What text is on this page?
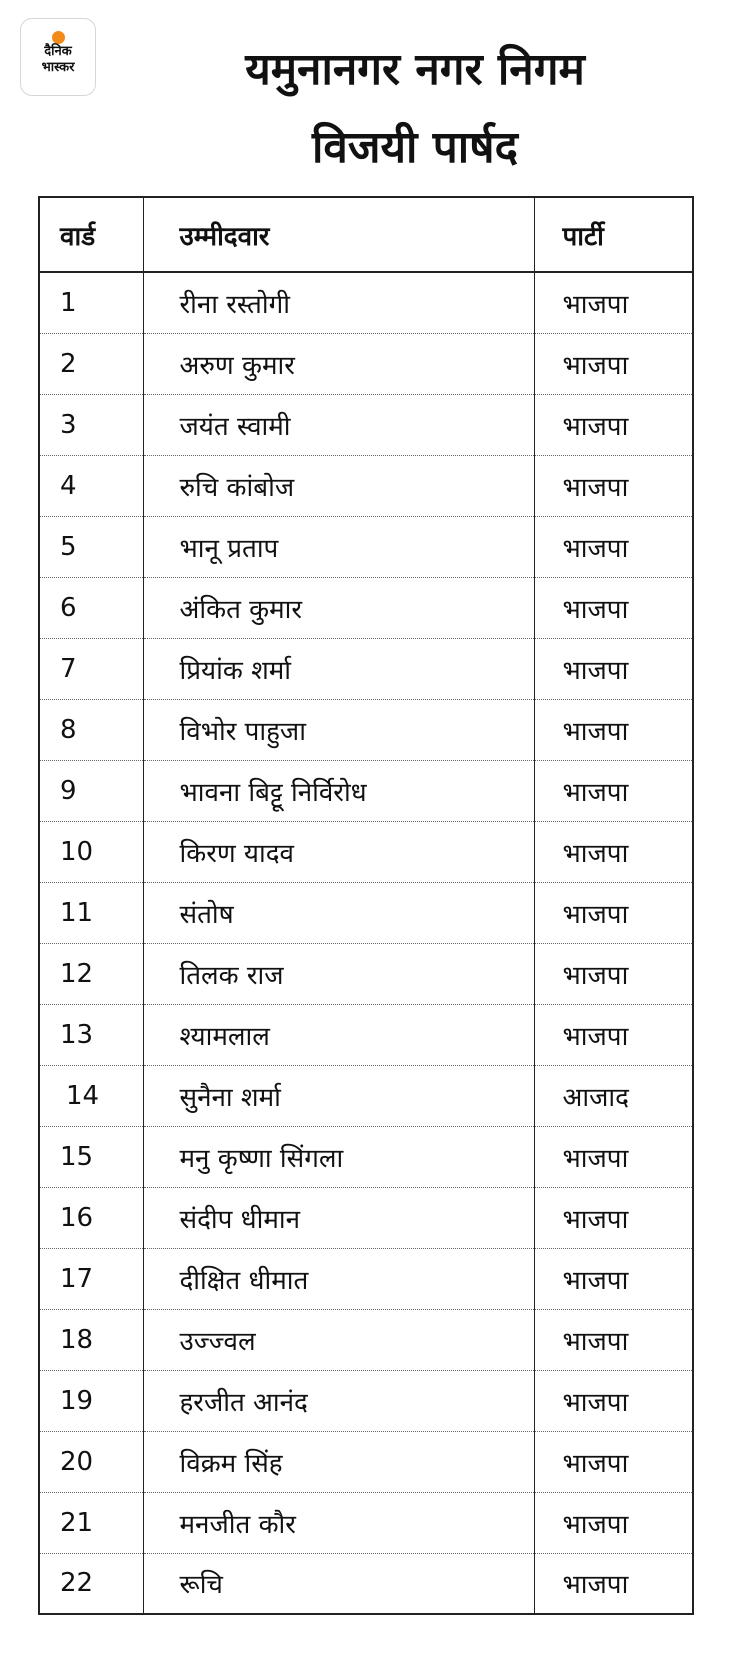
दैनिक
भास्कर	यमुनानगर नगर निगम
विजयी पार्षद
वार्ड	उम्मीदवार	पार्टी
1	रीना रस्तोगी	भाजपा
2	अरुण कुमार	भाजपा
3	जयंत स्वामी	भाजपा
4	रुचि कांबोज	भाजपा
5	भानू प्रताप	भाजपा
6	अंकित कुमार	भाजपा
7	प्रियांक शर्मा	भाजपा
8	विभोर पाहुजा	भाजपा
9	भावना बिट्टू निर्विरोध	भाजपा
10	किरण यादव	भाजपा
11	संतोष	भाजपा
12	तिलक राज	भाजपा
13	श्यामलाल	भाजपा
14	सुनैना शर्मा	आजाद
15	मनु कृष्णा सिंगला	भाजपा
16	संदीप धीमान	भाजपा
17	दीक्षित धीमात	भाजपा
18	उज्ज्वल	भाजपा
19	हरजीत आनंद	भाजपा
20	विक्रम सिंह	भाजपा
21	मनजीत कौर	भाजपा
22	रूचि	भाजपा
